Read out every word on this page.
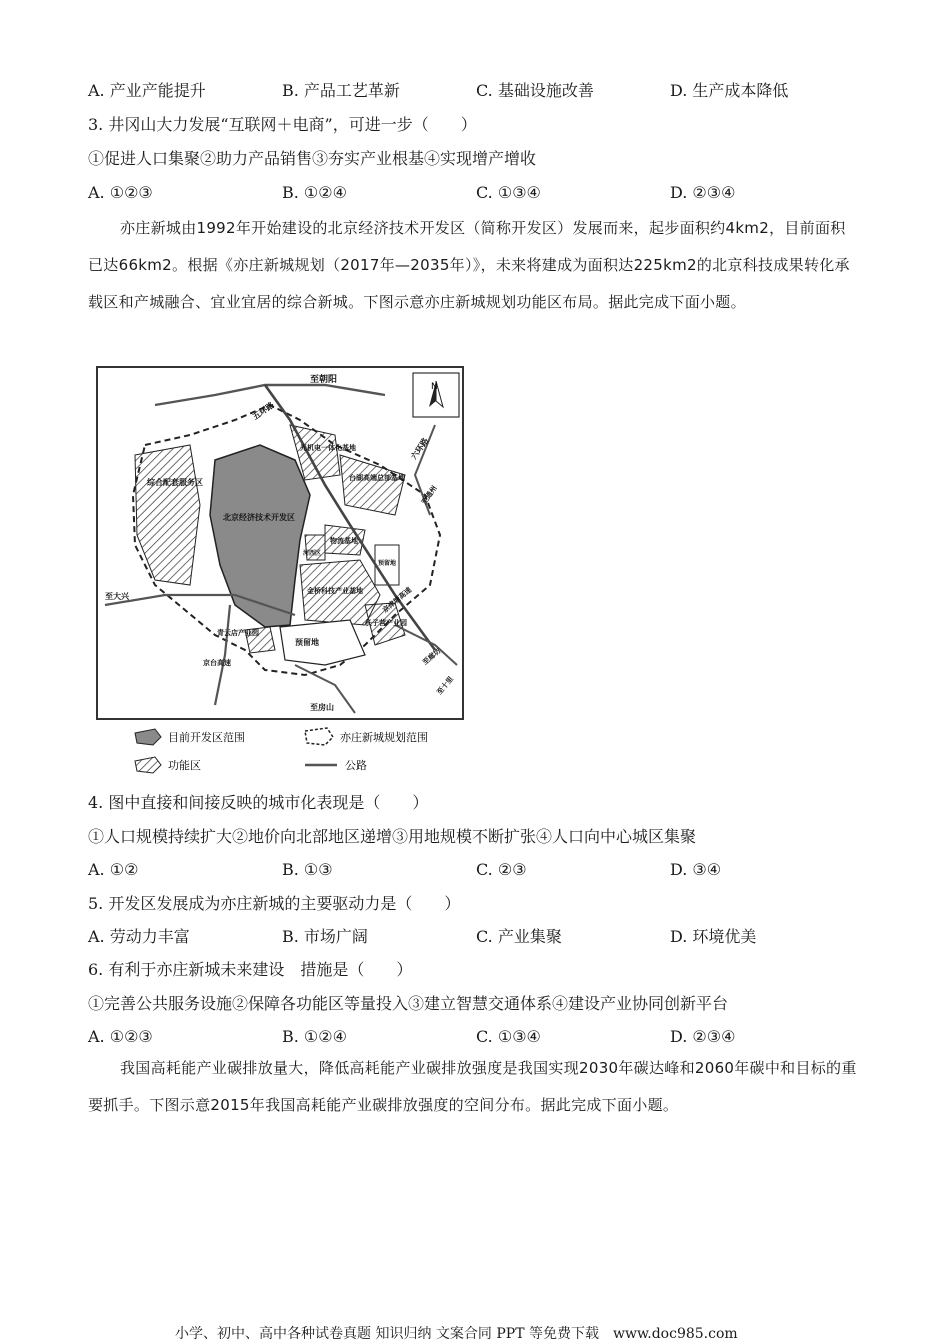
A. 产业产能提升	B. 产品工艺革新	C. 基础设施改善	D. 生产成本降低
3. 井冈山大力发展“互联网＋电商”，可进一步（　　）
①促进人口集聚②助力产品销售③夯实产业根基④实现增产增收
A. ①②③	B. ①②④	C. ①③④	D. ②③④
亦庄新城由1992年开始建设的北京经济技术开发区（简称开发区）发展而来，起步面积约4km2，目前面积已达66km2。根据《亦庄新城规划（2017年—2035年）》，未来将建成为面积达225km2的北京科技成果转化承载区和产城融合、宜业宜居的综合新城。下图示意亦庄新城规划功能区布局。据此完成下面小题。
N
至朝阳
五环路
六环路
光机电一体化基地
台湖高端总部基地
至通州
北京经济技术开发区
综合配套服务区
物流基地
河西区
预留地
金桥科技产业基地
至大兴
青云店产业园
长子营产业园
预留地
京台高速
京津塘高速
至廊坊
至十里
至房山
目前开发区范围	亦庄新城规划范围
功能区	公路
4. 图中直接和间接反映的城市化表现是（　　）
①人口规模持续扩大②地价向北部地区递增③用地规模不断扩张④人口向中心城区集聚
A. ①②	B. ①③	C. ②③	D. ③④
5. 开发区发展成为亦庄新城的主要驱动力是（　　）
A. 劳动力丰富	B. 市场广阔	C. 产业集聚	D. 环境优美
6. 有利于亦庄新城未来建设　措施是（　　）
①完善公共服务设施②保障各功能区等量投入③建立智慧交通体系④建设产业协同创新平台
A. ①②③	B. ①②④	C. ①③④	D. ②③④
我国高耗能产业碳排放量大，降低高耗能产业碳排放强度是我国实现2030年碳达峰和2060年碳中和目标的重要抓手。下图示意2015年我国高耗能产业碳排放强度的空间分布。据此完成下面小题。
小学、初中、高中各种试卷真题 知识归纳 文案合同 PPT 等免费下载　www.doc985.com
